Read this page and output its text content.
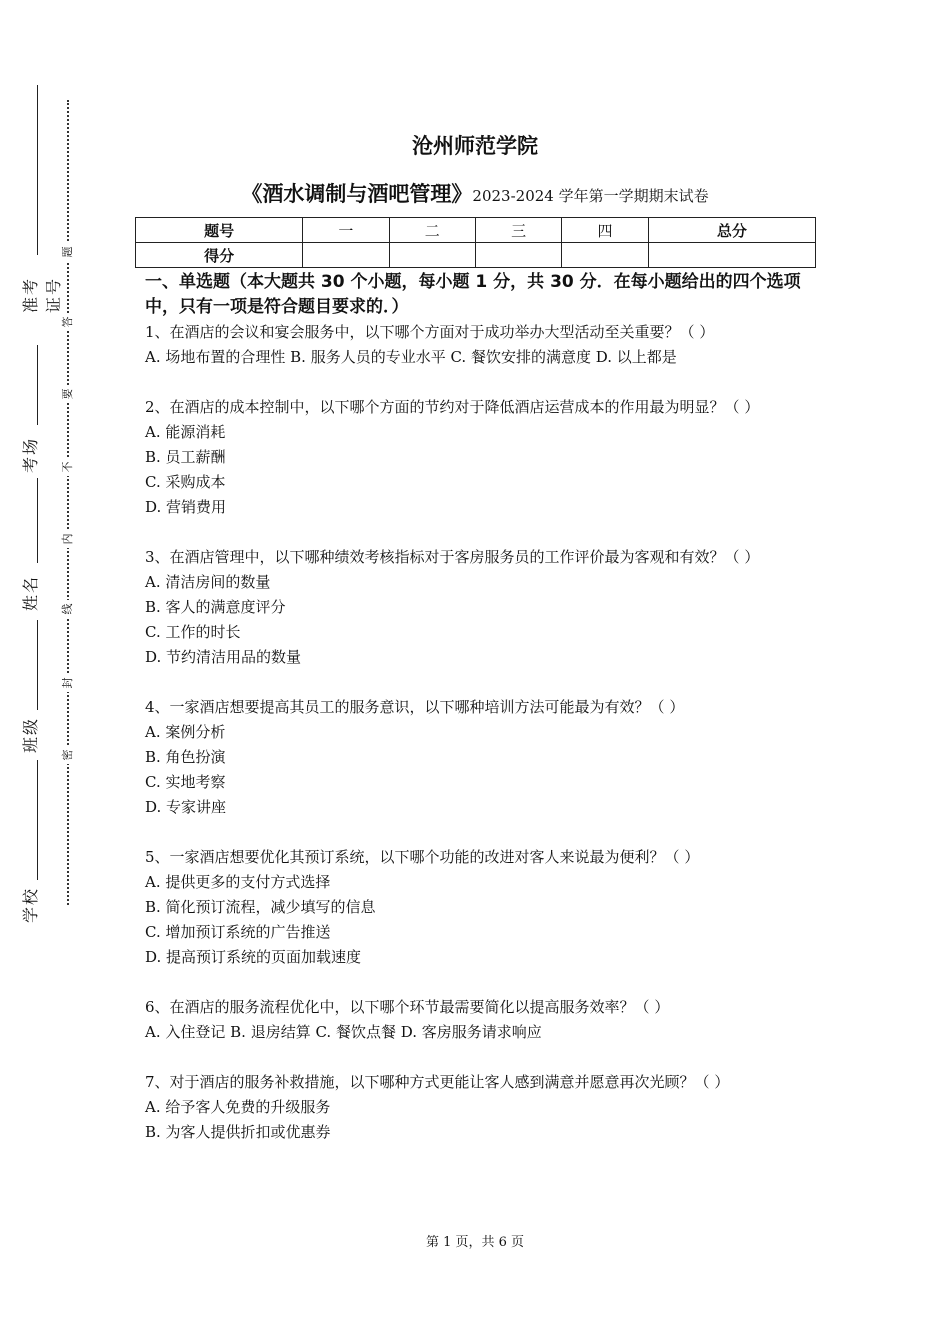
准考证号
考场
姓名
班级
学校
题
答
要
不
内
线
封
密
沧州师范学院
《酒水调制与酒吧管理》2023-2024 学年第一学期期末试卷
题号	一	二	三	四	总分
得分					
一、单选题（本大题共 30 个小题，每小题 1 分，共 30 分．在每小题给出的四个选项中，只有一项是符合题目要求的．）

1、在酒店的会议和宴会服务中，以下哪个方面对于成功举办大型活动至关重要？（ ）

A. 场地布置的合理性 B. 服务人员的专业水平 C. 餐饮安排的满意度 D. 以上都是

2、在酒店的成本控制中，以下哪个方面的节约对于降低酒店运营成本的作用最为明显？（ ）

A. 能源消耗

B. 员工薪酬

C. 采购成本

D. 营销费用

3、在酒店管理中，以下哪种绩效考核指标对于客房服务员的工作评价最为客观和有效？（ ）

A. 清洁房间的数量

B. 客人的满意度评分

C. 工作的时长

D. 节约清洁用品的数量

4、一家酒店想要提高其员工的服务意识，以下哪种培训方法可能最为有效？（ ）

A. 案例分析

B. 角色扮演

C. 实地考察

D. 专家讲座

5、一家酒店想要优化其预订系统，以下哪个功能的改进对客人来说最为便利？（ ）

A. 提供更多的支付方式选择

B. 简化预订流程，减少填写的信息

C. 增加预订系统的广告推送

D. 提高预订系统的页面加载速度

6、在酒店的服务流程优化中，以下哪个环节最需要简化以提高服务效率？（ ）

A. 入住登记 B. 退房结算 C. 餐饮点餐 D. 客房服务请求响应

7、对于酒店的服务补救措施，以下哪种方式更能让客人感到满意并愿意再次光顾？（ ）

A. 给予客人免费的升级服务

B. 为客人提供折扣或优惠券

第 1 页，共 6 页
